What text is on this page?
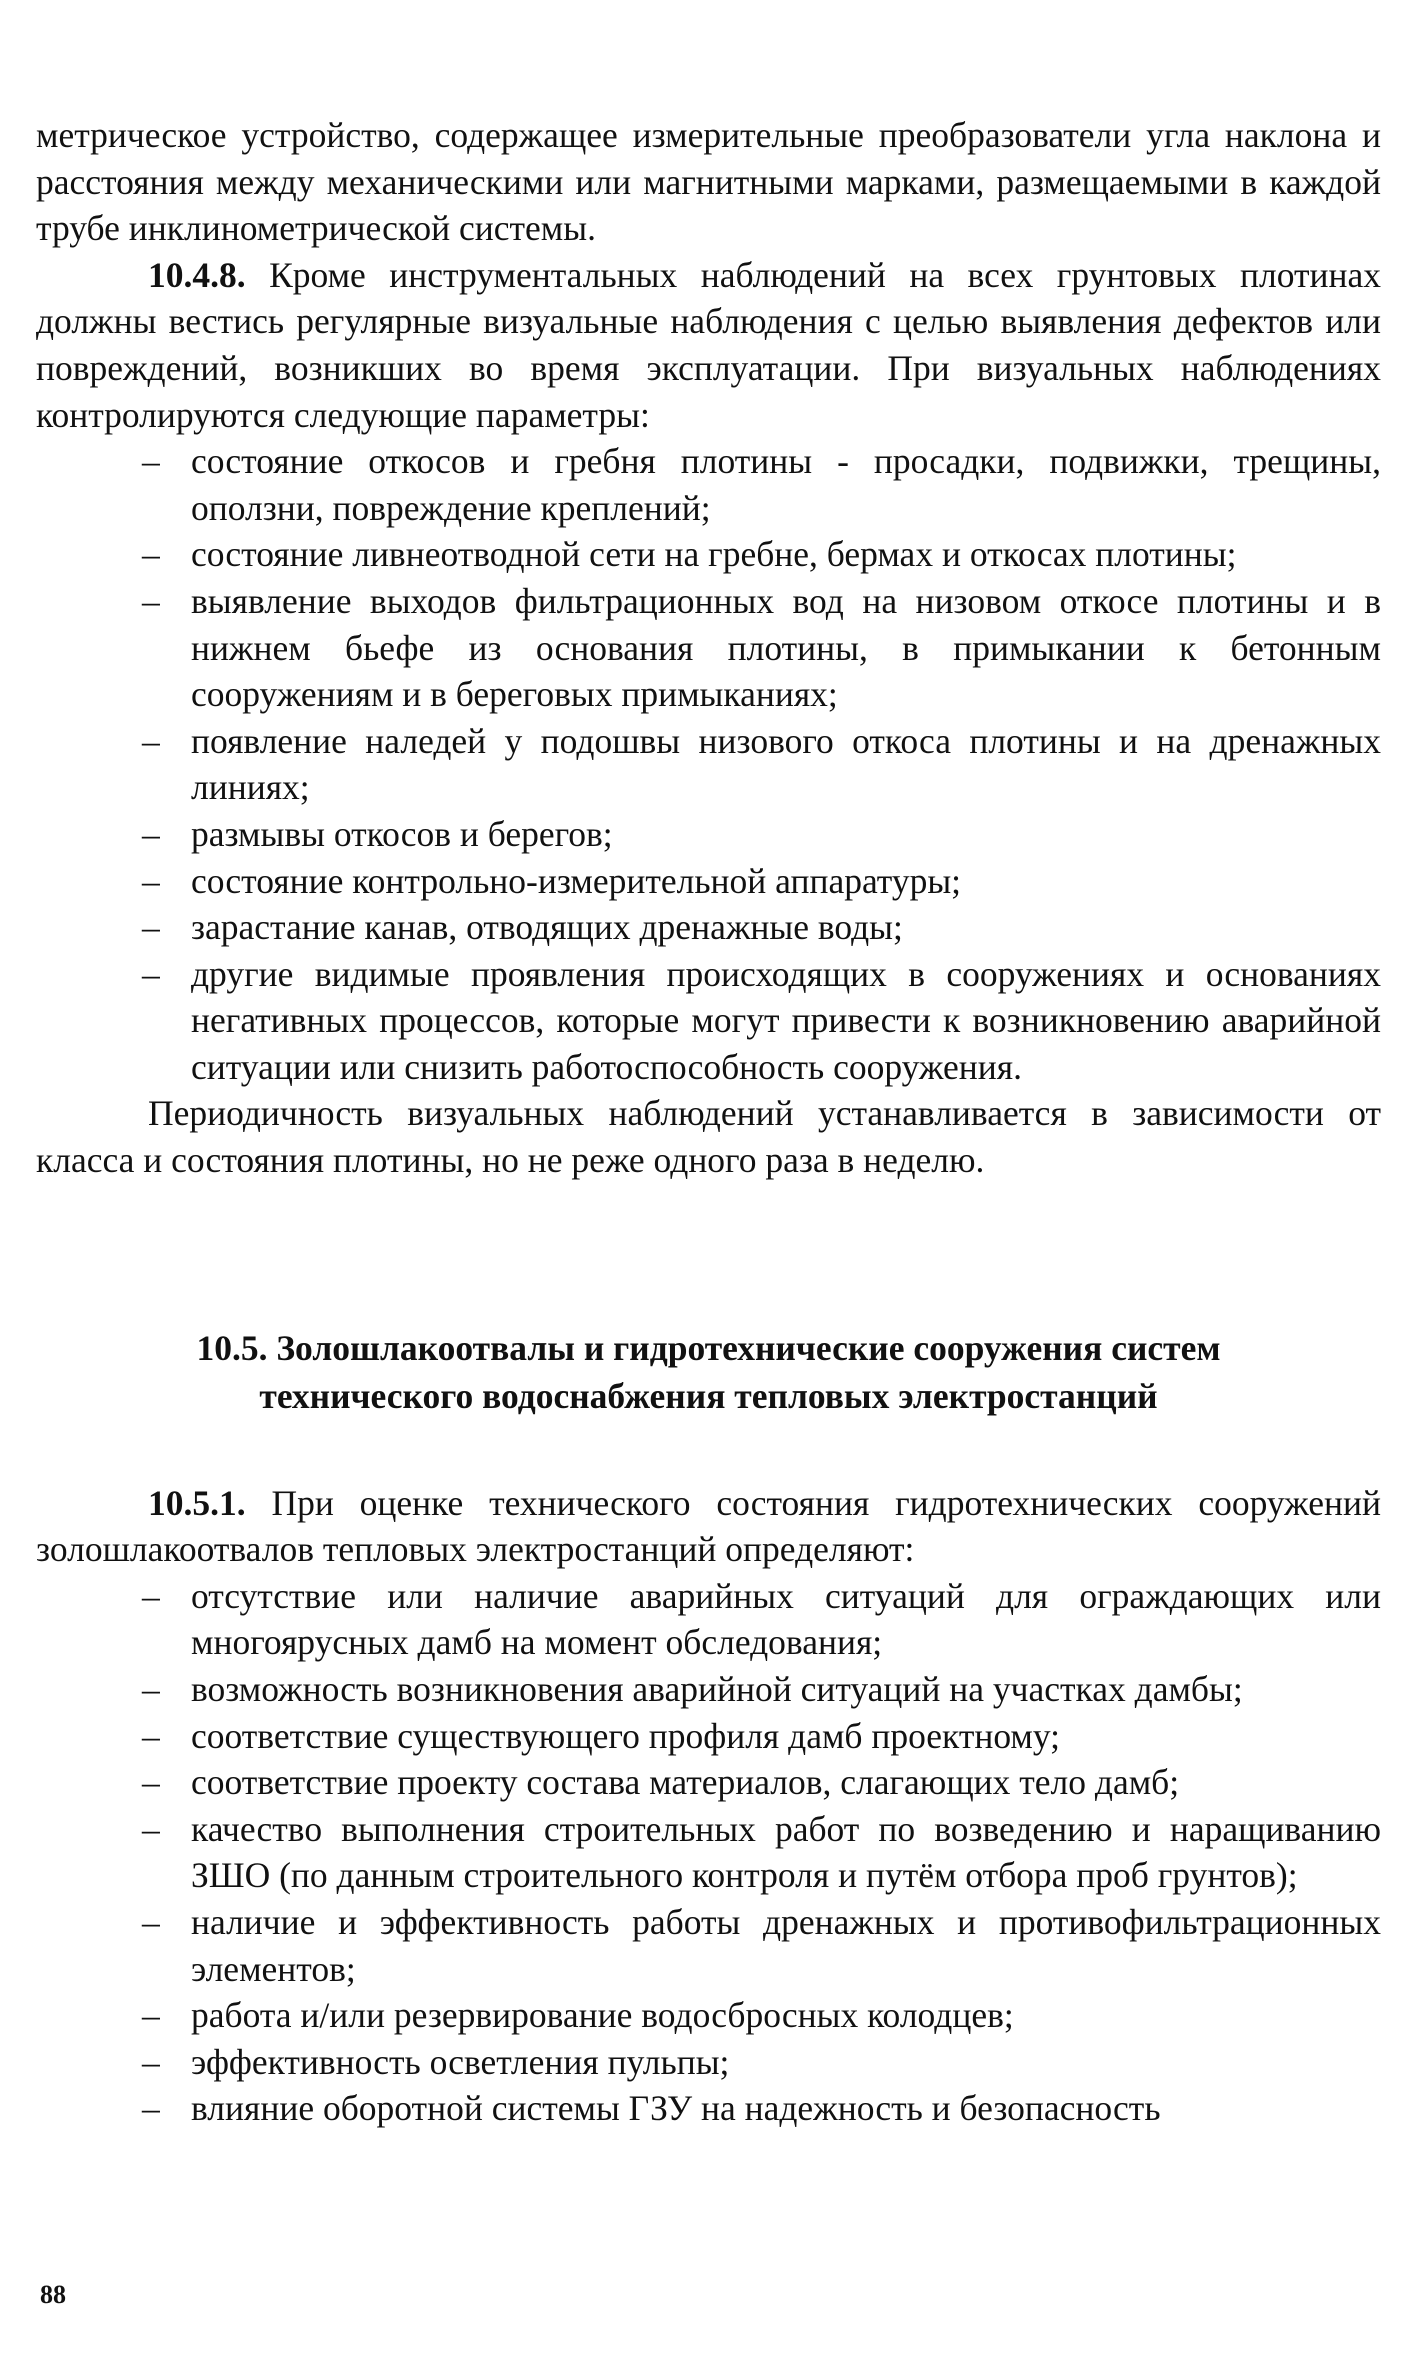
метрическое устройство, содержащее измерительные преобразователи угла наклона и расстояния между механическими или магнитными марками, размещаемыми в каждой трубе инклинометрической системы.

10.4.8. Кроме инструментальных наблюдений на всех грунтовых плотинах должны вестись регулярные визуальные наблюдения с целью выявления дефектов или повреждений, возникших во время эксплуатации. При визуальных наблюдениях контролируются следующие параметры:

– состояние откосов и гребня плотины - просадки, подвижки, трещины, оползни, повреждение креплений;
– состояние ливнеотводной сети на гребне, бермах и откосах плотины;
– выявление выходов фильтрационных вод на низовом откосе плотины и в нижнем бьефе из основания плотины, в примыкании к бетонным сооружениям и в береговых примыканиях;
– появление наледей у подошвы низового откоса плотины и на дренажных линиях;
– размывы откосов и берегов;
– состояние контрольно-измерительной аппаратуры;
– зарастание канав, отводящих дренажные воды;
– другие видимые проявления происходящих в сооружениях и основаниях негативных процессов, которые могут привести к возникновению аварийной ситуации или снизить работоспособность сооружения.

Периодичность визуальных наблюдений устанавливается в зависимости от класса и состояния плотины, но не реже одного раза в неделю.

10.5. Золошлакоотвалы и гидротехнические сооружения систем
технического водоснабжения тепловых электростанций

10.5.1. При оценке технического состояния гидротехнических сооружений золошлакоотвалов тепловых электростанций определяют:

– отсутствие или наличие аварийных ситуаций для ограждающих или многоярусных дамб на момент обследования;
– возможность возникновения аварийной ситуаций на участках дамбы;
– соответствие существующего профиля дамб проектному;
– соответствие проекту состава материалов, слагающих тело дамб;
– качество выполнения строительных работ по возведению и наращиванию ЗШО (по данным строительного контроля и путём отбора проб грунтов);
– наличие и эффективность работы дренажных и противофильтрационных элементов;
– работа и/или резервирование водосбросных колодцев;
– эффективность осветления пульпы;
– влияние оборотной системы ГЗУ на надежность и безопасность
88
